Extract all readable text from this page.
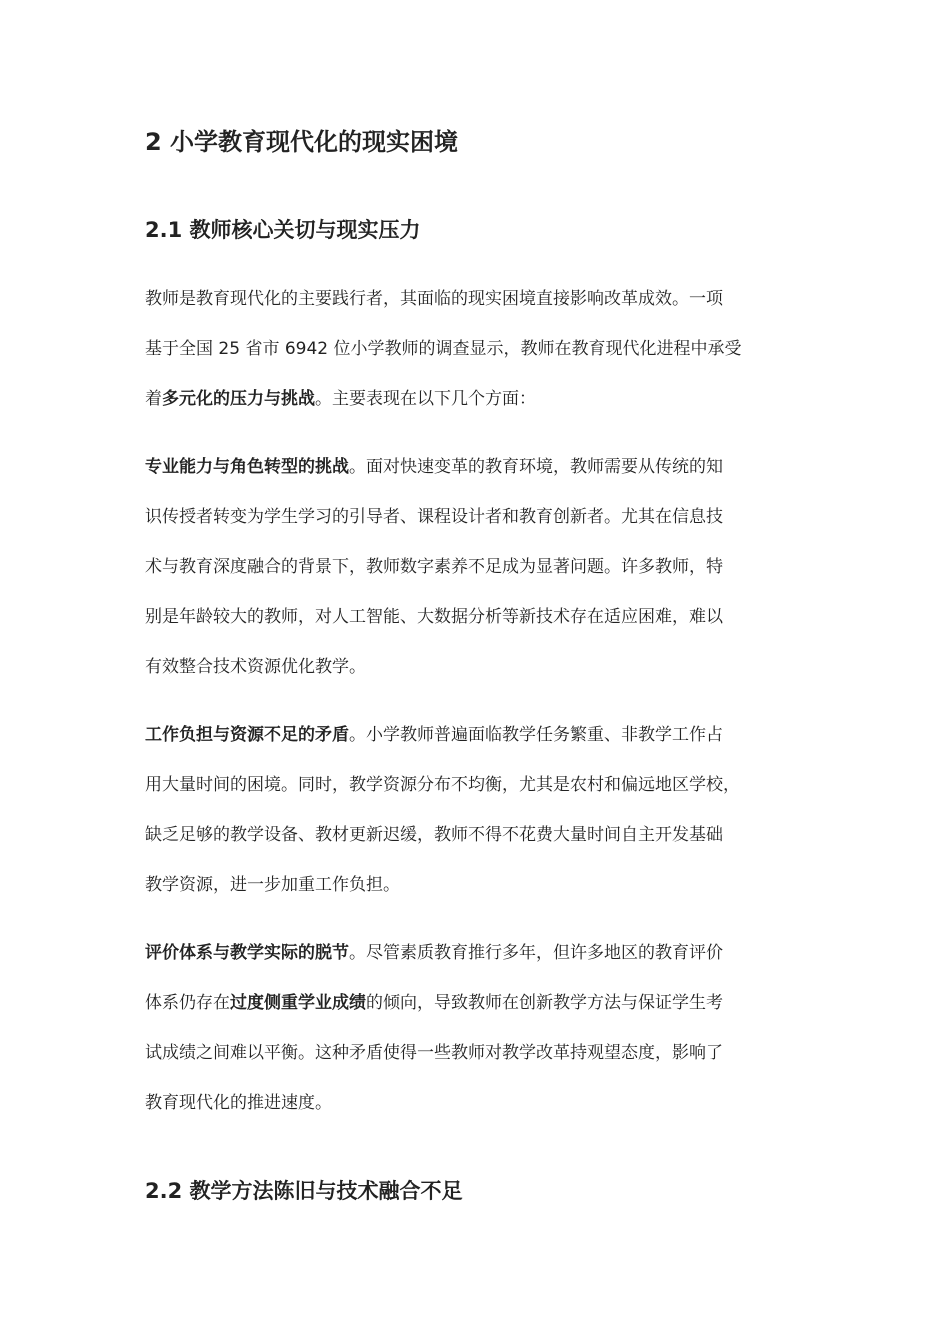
2 小学教育现代化的现实困境
2.1 教师核心关切与现实压力
教师是教育现代化的主要践行者，其面临的现实困境直接影响改革成效。一项
基于全国 25 省市 6942 位小学教师的调查显示，教师在教育现代化进程中承受
着多元化的压力与挑战。主要表现在以下几个方面：
专业能力与角色转型的挑战。面对快速变革的教育环境，教师需要从传统的知
识传授者转变为学生学习的引导者、课程设计者和教育创新者。尤其在信息技
术与教育深度融合的背景下，教师数字素养不足成为显著问题。许多教师，特
别是年龄较大的教师，对人工智能、大数据分析等新技术存在适应困难，难以
有效整合技术资源优化教学。
工作负担与资源不足的矛盾。小学教师普遍面临教学任务繁重、非教学工作占
用大量时间的困境。同时，教学资源分布不均衡，尤其是农村和偏远地区学校，
缺乏足够的教学设备、教材更新迟缓，教师不得不花费大量时间自主开发基础
教学资源，进一步加重工作负担。
评价体系与教学实际的脱节。尽管素质教育推行多年，但许多地区的教育评价
体系仍存在过度侧重学业成绩的倾向，导致教师在创新教学方法与保证学生考
试成绩之间难以平衡。这种矛盾使得一些教师对教学改革持观望态度，影响了
教育现代化的推进速度。
2.2 教学方法陈旧与技术融合不足
